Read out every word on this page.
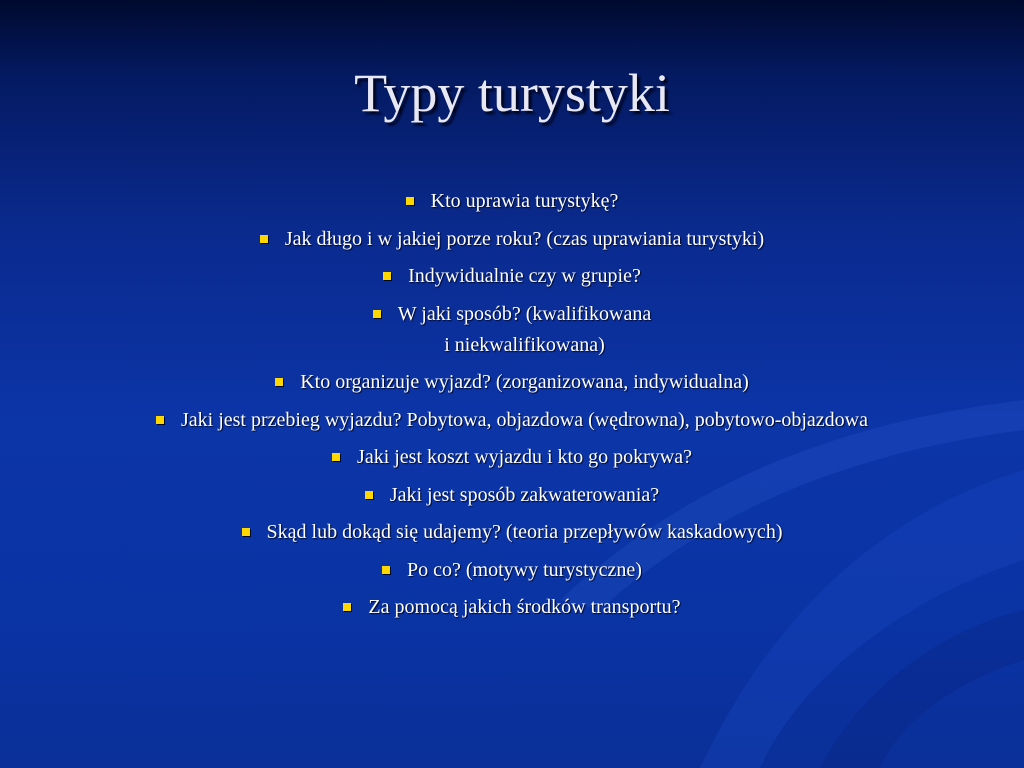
Typy turystyki
Kto uprawia turystykę?
Jak długo i w jakiej porze roku? (czas uprawiania turystyki)
Indywidualnie czy w grupie?
W jaki sposób? (kwalifikowana
i niekwalifikowana)
Kto organizuje wyjazd? (zorganizowana, indywidualna)
Jaki jest przebieg wyjazdu? Pobytowa, objazdowa (wędrowna), pobytowo-objazdowa
Jaki jest koszt wyjazdu i kto go pokrywa?
Jaki jest sposób zakwaterowania?
Skąd lub dokąd się udajemy? (teoria przepływów kaskadowych)
Po co? (motywy turystyczne)
Za pomocą jakich środków transportu?
